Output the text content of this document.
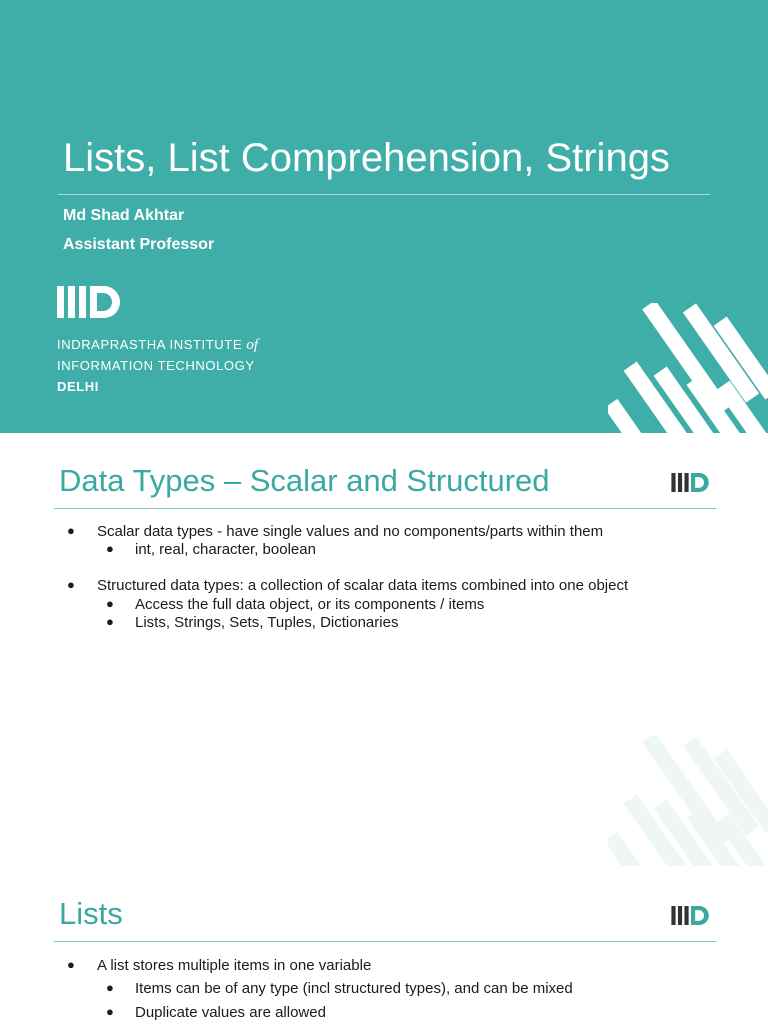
Lists, List Comprehension, Strings

Md Shad Akhtar

Assistant Professor

INDRAPRASTHA INSTITUTE of
INFORMATION TECHNOLOGY
DELHI
Data Types – Scalar and Structured
● Scalar data types - have single values and no components/parts within them
● int, real, character, boolean
● Structured data types: a collection of scalar data items combined into one object
● Access the full data object, or its components / items
● Lists, Strings, Sets, Tuples, Dictionaries
Lists
● A list stores multiple items in one variable
● Items can be of any type (incl structured types), and can be mixed
● Duplicate values are allowed
